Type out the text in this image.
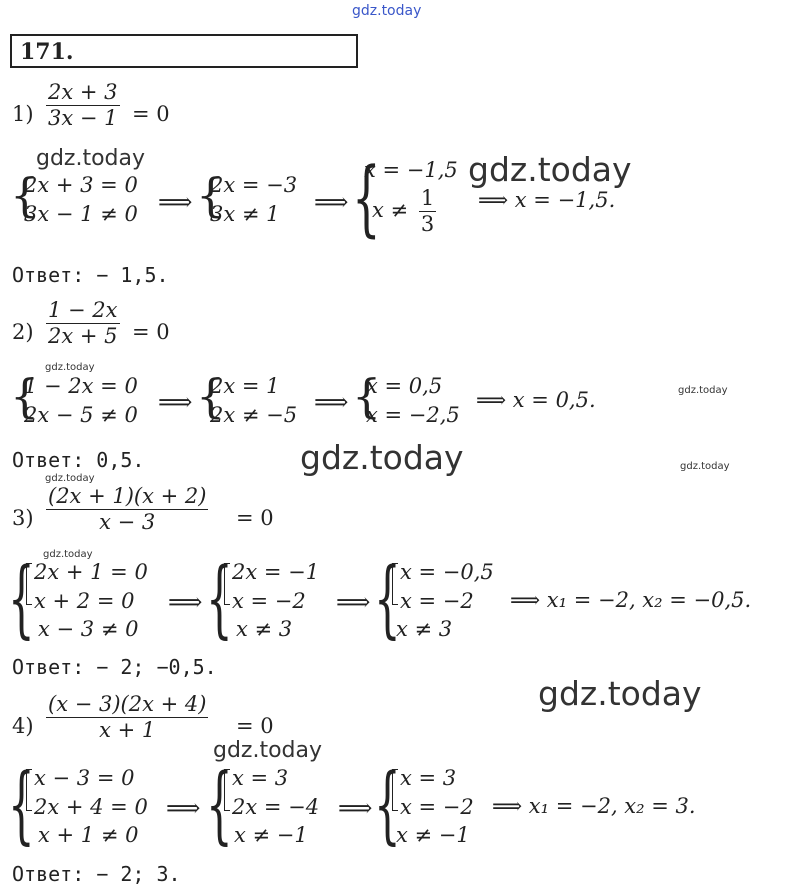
gdz.today
gdz.today	gdz.today
gdz.today
gdz.today
gdz.today	gdz.today
gdz.today
gdz.today
gdz.today
gdz.today
171.
$1) \frac{2x + 3}{3x - 1} = 0$
{
2x + 3 = 0
3x − 1 ≠ 0 ⟹ {
2x = −3
3x ≠ 1 ⟹ {
x = −1,5
$x \ne \frac{1}{3}$ ⟹ x = −1,5.
Ответ: − 1,5.
$2) \frac{1 - 2x}{2x + 5} = 0$
{
1 − 2x = 0
2x − 5 ≠ 0 ⟹ {
2x = 1
2x ≠ −5 ⟹ {
x = 0,5
x = −2,5
⟹ x = 0,5.
Ответ: 0,5.
$3) \frac{(2x + 1)(x + 2)}{x - 3} = 0$
{ 2x + 1 = 0
x + 2 = 0
x − 3 ≠ 0
⟹ { 2x = −1
x = −2
x ≠ 3
⟹ { x = −0,5
x = −2
x ≠ 3
⟹ x₁ = −2, x₂ = −0,5.
Ответ: − 2; −0,5.
$4) \frac{(x - 3)(2x + 4)}{x + 1} = 0$
{ x − 3 = 0
2x + 4 = 0
x + 1 ≠ 0
⟹ { x = 3
2x = −4
x ≠ −1
⟹ { x = 3
x = −2
x ≠ −1
⟹ x₁ = −2, x₂ = 3.
Ответ: − 2; 3.
